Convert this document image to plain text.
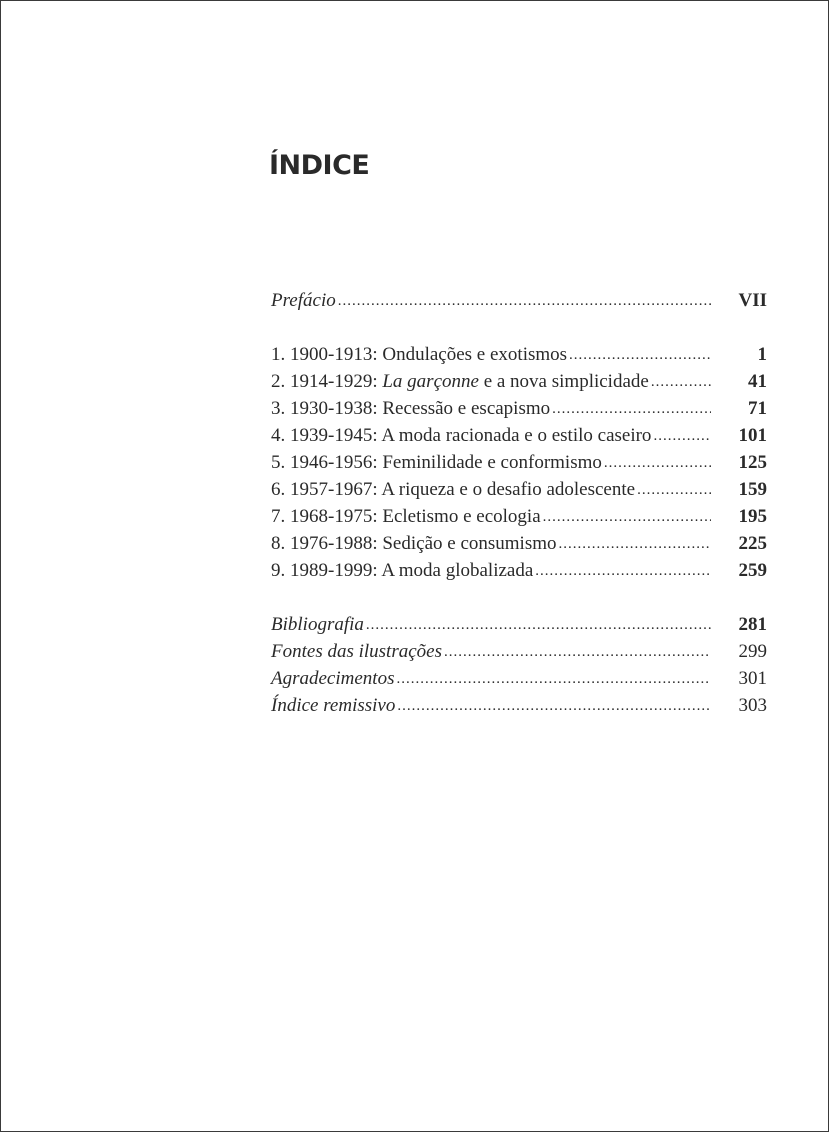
ÍNDICE
Prefácio .....	VII
1. 1900-1913: Ondulações e exotismos .....	1
2. 1914-1929: La garçonne e a nova simplicidade .....	41
3. 1930-1938: Recessão e escapismo .....	71
4. 1939-1945: A moda racionada e o estilo caseiro .....	101
5. 1946-1956: Feminilidade e conformismo .....	125
6. 1957-1967: A riqueza e o desafio adolescente .....	159
7. 1968-1975: Ecletismo e ecologia .....	195
8. 1976-1988: Sedição e consumismo .....	225
9. 1989-1999: A moda globalizada .....	259
Bibliografia .....	281
Fontes das ilustrações .....	299
Agradecimentos .....	301
Índice remissivo .....	303
